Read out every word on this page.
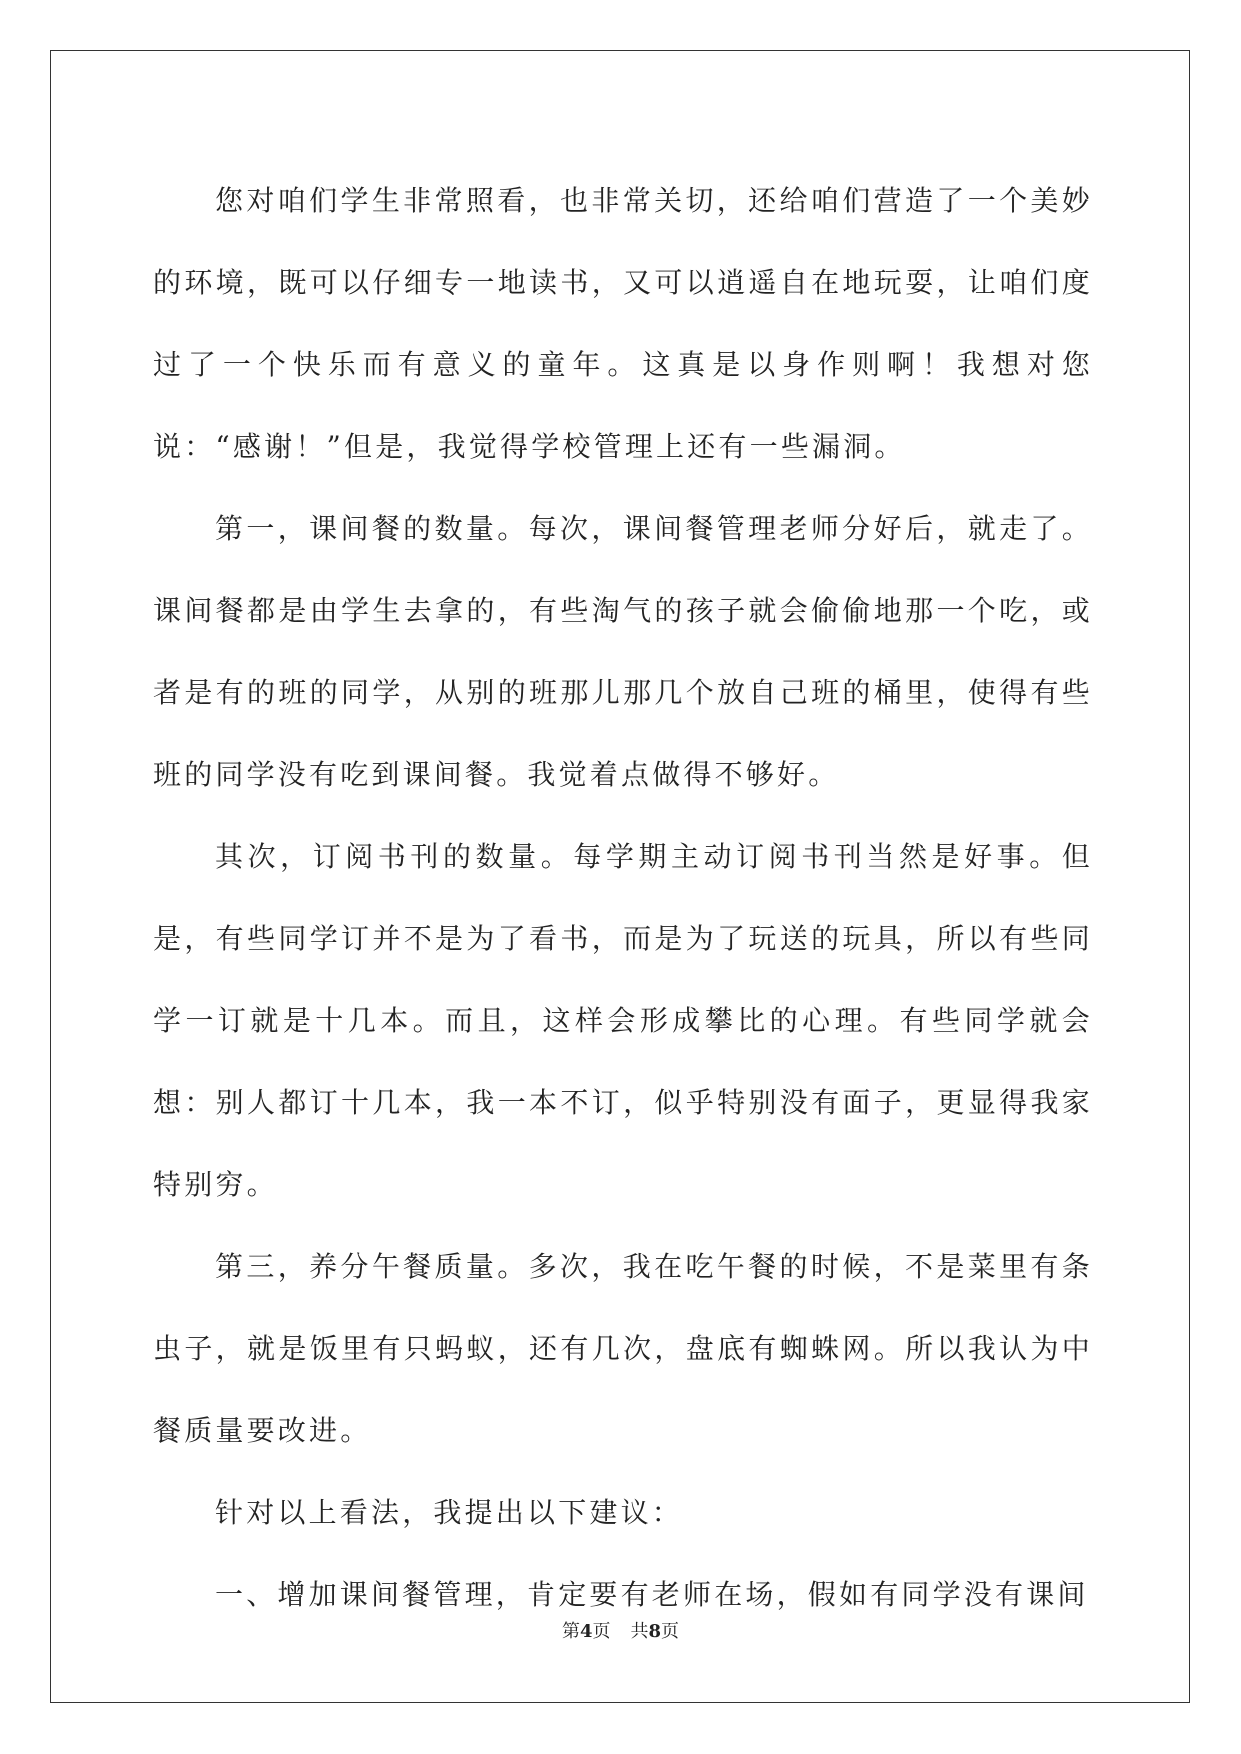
您对咱们学生非常照看，也非常关切，还给咱们营造了一个美妙的环境，既可以仔细专一地读书，又可以逍遥自在地玩耍，让咱们度过了一个快乐而有意义的童年。这真是以身作则啊！我想对您说：“感谢！”但是，我觉得学校管理上还有一些漏洞。

第一，课间餐的数量。每次，课间餐管理老师分好后，就走了。课间餐都是由学生去拿的，有些淘气的孩子就会偷偷地那一个吃，或者是有的班的同学，从别的班那儿那几个放自己班的桶里，使得有些班的同学没有吃到课间餐。我觉着点做得不够好。

其次，订阅书刊的数量。每学期主动订阅书刊当然是好事。但是，有些同学订并不是为了看书，而是为了玩送的玩具，所以有些同学一订就是十几本。而且，这样会形成攀比的心理。有些同学就会想：别人都订十几本，我一本不订，似乎特别没有面子，更显得我家特别穷。

第三，养分午餐质量。多次，我在吃午餐的时候，不是菜里有条虫子，就是饭里有只蚂蚁，还有几次，盘底有蜘蛛网。所以我认为中餐质量要改进。

针对以上看法，我提出以下建议：

一、增加课间餐管理，肯定要有老师在场，假如有同学没有课间

第4页 共8页
